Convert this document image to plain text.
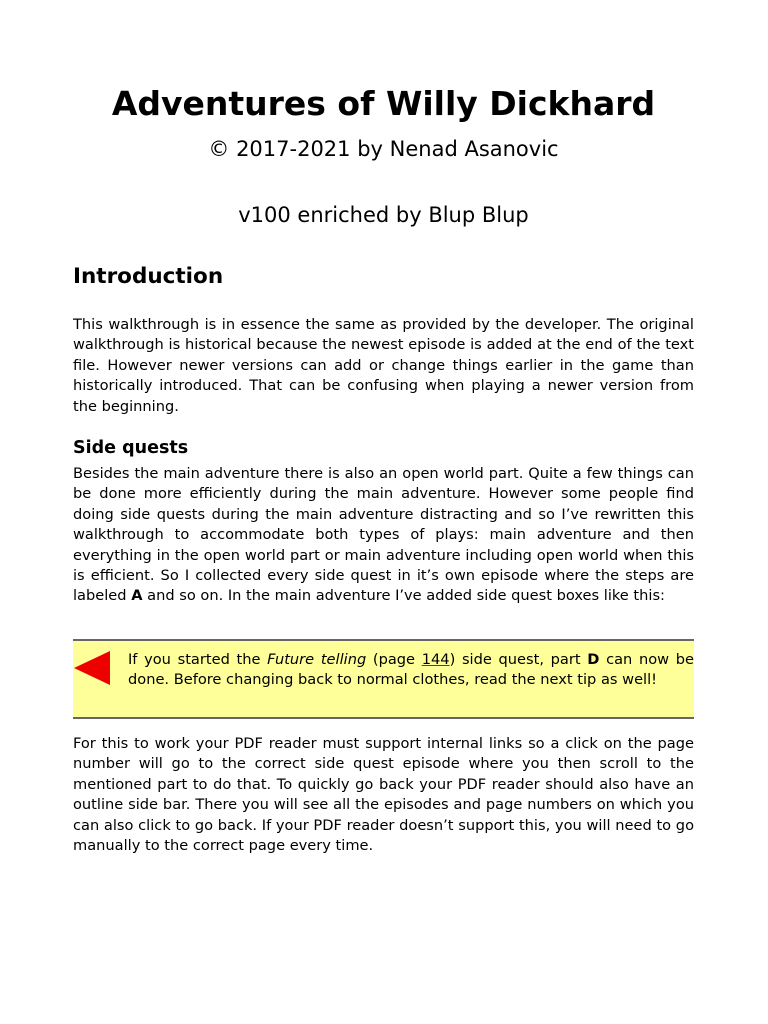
Adventures of Willy Dickhard

© 2017-2021 by Nenad Asanovic

v100 enriched by Blup Blup

Introduction

This walkthrough is in essence the same as provided by the developer. The original walkthrough is historical because the newest episode is added at the end of the text file. However newer versions can add or change things earlier in the game than historically introduced. That can be confusing when playing a newer version from the beginning.

Side quests

Besides the main adventure there is also an open world part. Quite a few things can be done more efficiently during the main adventure. However some people find doing side quests during the main adventure distracting and so I’ve rewritten this walkthrough to accommodate both types of plays: main adventure and then everything in the open world part or main adventure including open world when this is efficient. So I collected every side quest in it’s own episode where the steps are labeled A and so on. In the main adventure I’ve added side quest boxes like this:

If you started the Future telling (page 144) side quest, part D can now be done. Before changing back to normal clothes, read the next tip as well!

For this to work your PDF reader must support internal links so a click on the page number will go to the correct side quest episode where you then scroll to the mentioned part to do that. To quickly go back your PDF reader should also have an outline side bar. There you will see all the episodes and page numbers on which you can also click to go back. If your PDF reader doesn’t support this, you will need to go manually to the correct page every time.
